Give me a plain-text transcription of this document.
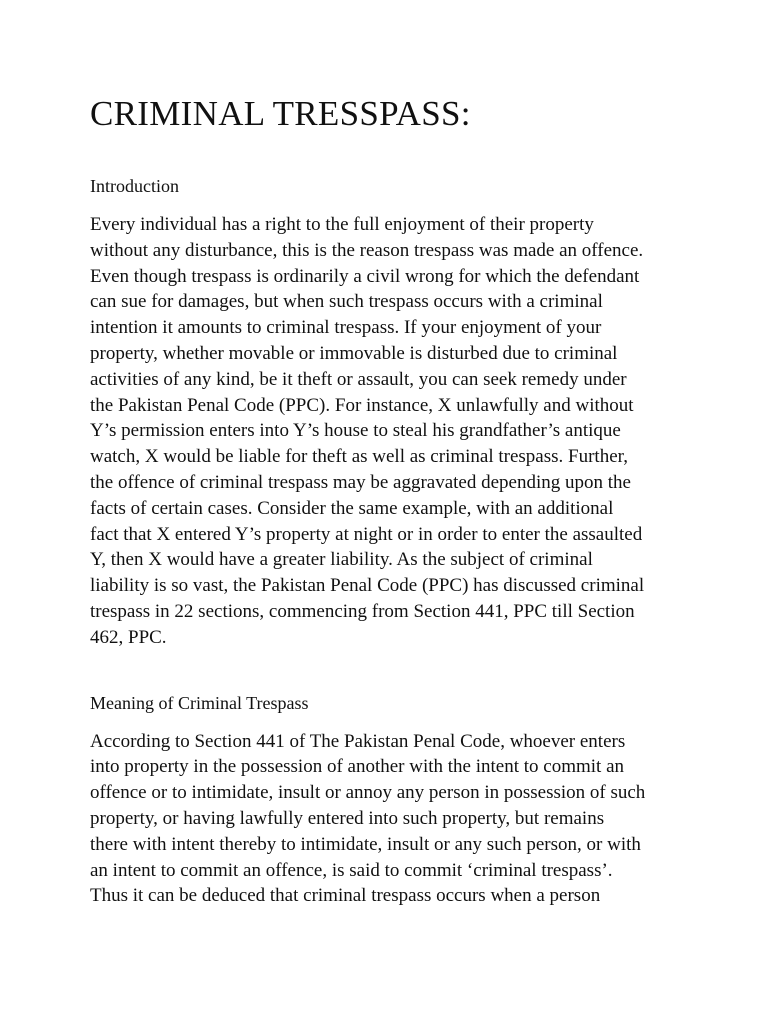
CRIMINAL TRESSPASS:
Introduction

Every individual has a right to the full enjoyment of their property
without any disturbance, this is the reason trespass was made an offence.
Even though trespass is ordinarily a civil wrong for which the defendant
can sue for damages, but when such trespass occurs with a criminal
intention it amounts to criminal trespass. If your enjoyment of your
property, whether movable or immovable is disturbed due to criminal
activities of any kind, be it theft or assault, you can seek remedy under
the Pakistan Penal Code (PPC). For instance, X unlawfully and without
Y’s permission enters into Y’s house to steal his grandfather’s antique
watch, X would be liable for theft as well as criminal trespass. Further,
the offence of criminal trespass may be aggravated depending upon the
facts of certain cases. Consider the same example, with an additional
fact that X entered Y’s property at night or in order to enter the assaulted
Y, then X would have a greater liability. As the subject of criminal
liability is so vast, the Pakistan Penal Code (PPC) has discussed criminal
trespass in 22 sections, commencing from Section 441, PPC till Section
462, PPC.

Meaning of Criminal Trespass

According to Section 441 of The Pakistan Penal Code, whoever enters
into property in the possession of another with the intent to commit an
offence or to intimidate, insult or annoy any person in possession of such
property, or having lawfully entered into such property, but remains
there with intent thereby to intimidate, insult or any such person, or with
an intent to commit an offence, is said to commit ‘criminal trespass’.
Thus it can be deduced that criminal trespass occurs when a person
